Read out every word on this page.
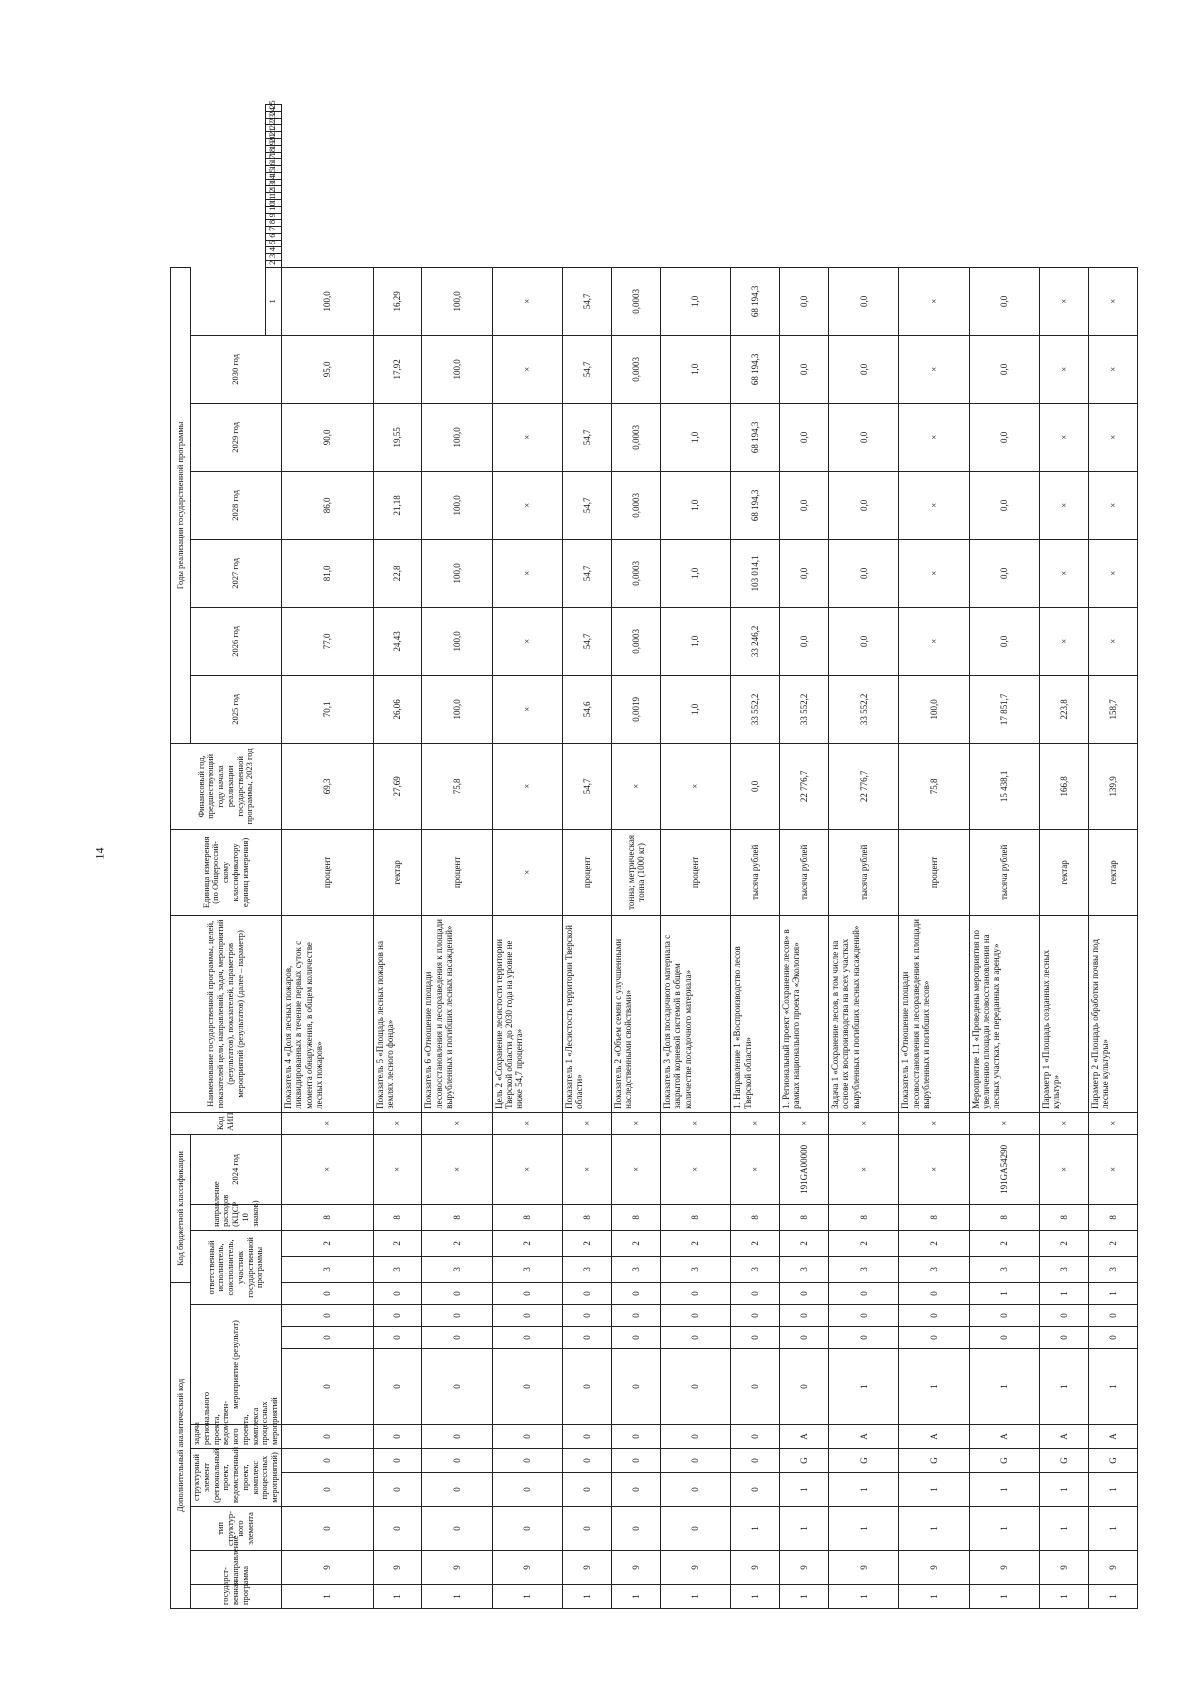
14
Дополнительный аналитический код										Код бюджетной классификации				Код АИП	Наименование государственной программы, целей, показателей цели, направлений, задач, мероприятий (результатов), показателей, параметров мероприятий (результатов) (далее – параметр)	Единица измерения (по Общероссий-скому классификатору единиц измерения)	Финансовый год, предшествующий году начала реализации государственной программы, 2023 год	Годы реализации государственной программы																														
государст-венная программа	направление	тип структур-ного элемента	структурный элемент (региональный проект, ведомственный проект, комплекс процессных мероприятий)		задача регионального проекта, ведомствен-ного проекта, комплекса процессных мероприятий	мероприятие (результат)			ответственный исполнитель, соисполнитель, участник государственной программы			направление расходов (КЦСР 10 знаков)	2024 год					2025 год	2026 год	2027 год	2028 год	2029 год	2030 год																									
																								1	2	3	4	5	6	7	8	9	10	11	12	13	14	15	16	17	18	19	20	21	22	23	24	25
1	9	0	0	0	0	0	0	0	0	3	2	8	×	×	Показатель 4 «Доля лесных пожаров, ликвидированных в течение первых суток с момента обнаружения, в общем количестве лесных пожаров»	процент	69,3	70,1	77,0	81,0	86,0	90,0	95,0	100,0																								
1	9	0	0	0	0	0	0	0	0	3	2	8	×	×	Показатель 5 «Площадь лесных пожаров на землях лесного фонда»	гектар	27,69	26,06	24,43	22,8	21,18	19,55	17,92	16,29																								
1	9	0	0	0	0	0	0	0	0	3	2	8	×	×	Показатель 6 «Отношение площади лесовосстановления и лесоразведения к площади вырубленных и погибших лесных насаждений»	процент	75,8	100,0	100,0	100,0	100,0	100,0	100,0	100,0																								
1	9	0	0	0	0	0	0	0	0	3	2	8	×	×	Цель 2 «Сохранение лесистости территории Тверской области до 2030 года на уровне не ниже 54,7 процента»	×	×	×	×	×	×	×	×	×																								
1	9	0	0	0	0	0	0	0	0	3	2	8	×	×	Показатель 1 «Лесистость территории Тверской области»	процент	54,7	54,6	54,7	54,7	54,7	54,7	54,7	54,7																								
1	9	0	0	0	0	0	0	0	0	3	2	8	×	×	Показатель 2 «Объем семян с улучшенными наследственными свойствами»	тонна; метрическая тонна (1000 кг)	×	0,0019	0,0003	0,0003	0,0003	0,0003	0,0003	0,0003																								
1	9	0	0	0	0	0	0	0	0	3	2	8	×	×	Показатель 3 «Доля посадочного материала с закрытой корневой системой в общем количестве посадочного материала»	процент	×	1,0	1,0	1,0	1,0	1,0	1,0	1,0																								
1	9	1	0	0	0	0	0	0	0	3	2	8	×	×	1. Направление 1 «Воспроизводство лесов Тверской области»	тысяча рублей	0,0	33 552,2	33 246,2	103 014,1	68 194,3	68 194,3	68 194,3	68 194,3																								
1	9	1	1	G	A	0	0	0	0	3	2	8	191GA00000	×	1. Региональный проект «Сохранение лесов» в рамках национального проекта «Экология»	тысяча рублей	22 776,7	33 552,2	0,0	0,0	0,0	0,0	0,0	0,0																								
1	9	1	1	G	A	1	0	0	0	3	2	8	×	×	Задача 1 «Сохранение лесов, в том числе на основе их воспроизводства на всех участках вырубленных и погибших лесных насаждений»	тысяча рублей	22 776,7	33 552,2	0,0	0,0	0,0	0,0	0,0	0,0																								
1	9	1	1	G	A	1	0	0	0	3	2	8	×	×	Показатель 1 «Отношение площади лесовосстановления и лесоразведения к площади вырубленных и погибших лесов»	процент	75,8	100,0	×	×	×	×	×	×																								
1	9	1	1	G	A	1	0	0	1	3	2	8	191GA54290	×	Мероприятие 1.1 «Проведены мероприятия по увеличению площади лесовосстановления на лесных участках, не переданных в аренду»	тысяча рублей	15 438,1	17 851,7	0,0	0,0	0,0	0,0	0,0	0,0																								
1	9	1	1	G	A	1	0	0	1	3	2	8	×	×	Параметр 1 «Площадь созданных лесных культур»	гектар	166,8	223,8	×	×	×	×	×	×																								
1	9	1	1	G	A	1	0	0	1	3	2	8	×	×	Параметр 2 «Площадь обработки почвы под лесные культуры»	гектар	139,9	158,7	×	×	×	×	×	×																								
